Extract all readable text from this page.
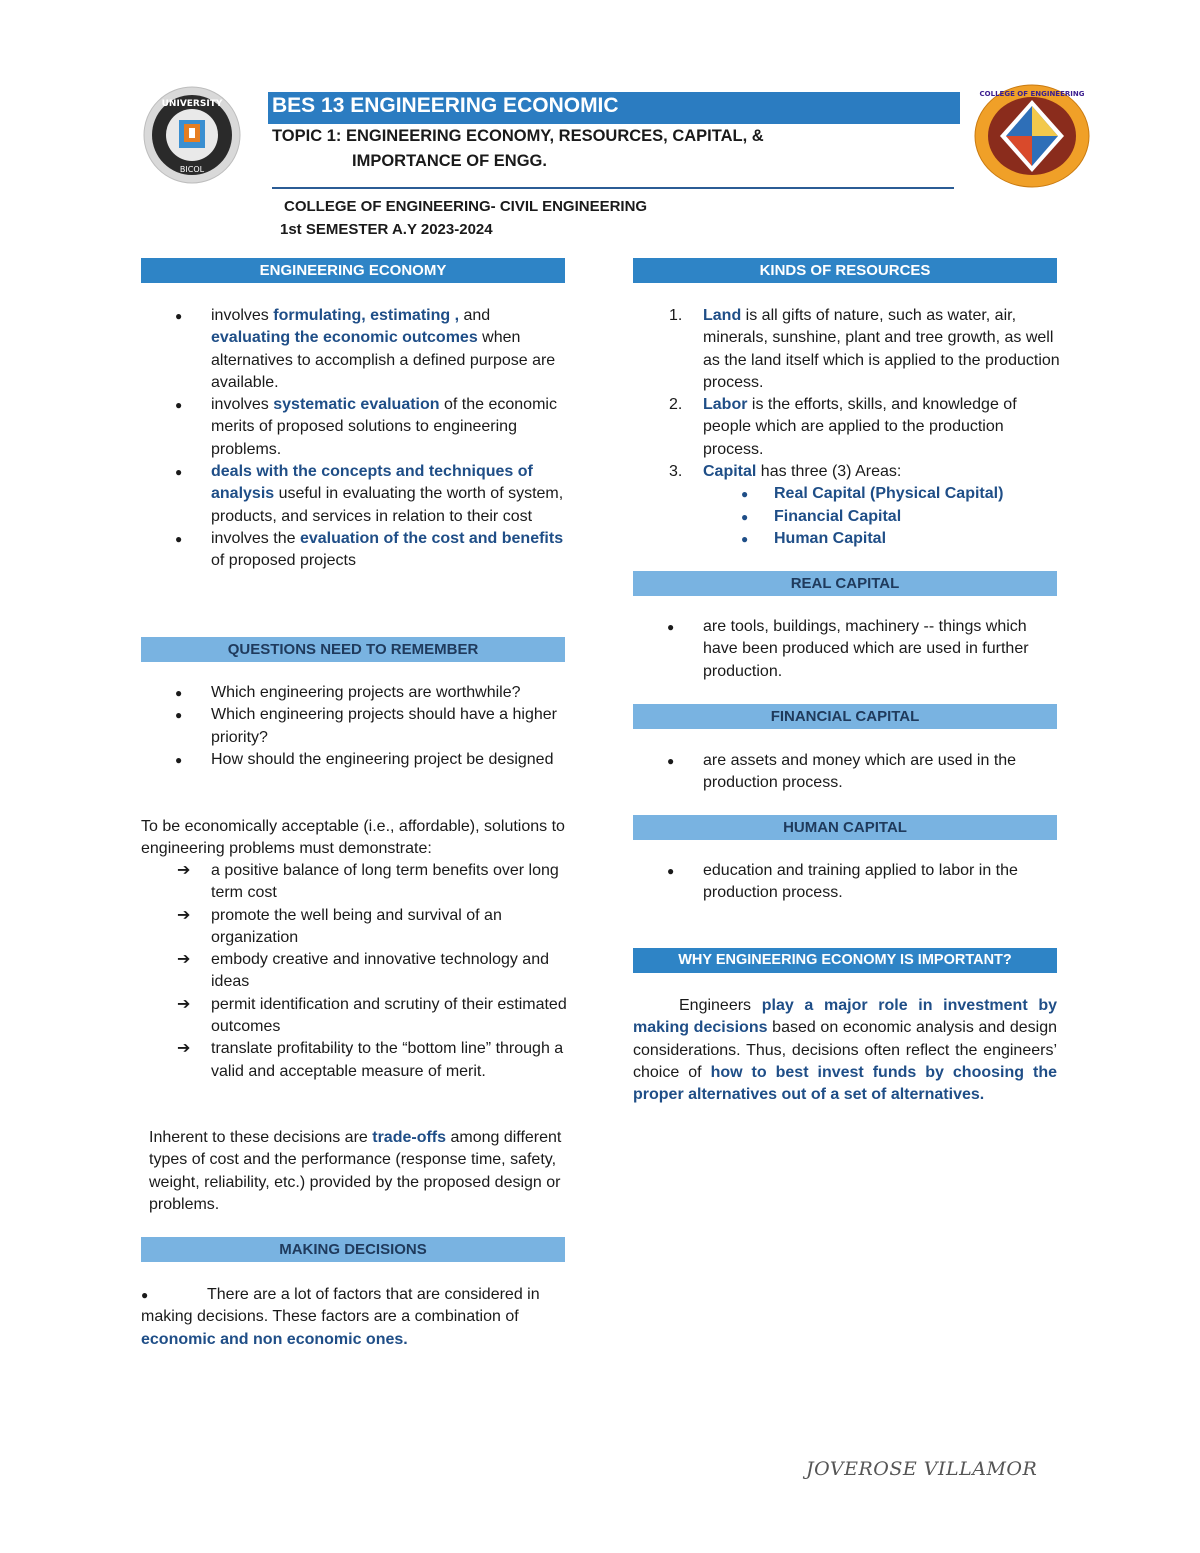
UNIVERSITY
BICOL
COLLEGE OF ENGINEERING
BES 13 ENGINEERING ECONOMIC
TOPIC 1: ENGINEERING ECONOMY, RESOURCES, CAPITAL, &
IMPORTANCE OF ENGG.
COLLEGE OF ENGINEERING- CIVIL ENGINEERING
1st SEMESTER A.Y 2023-2024
ENGINEERING ECONOMY
● involves formulating, estimating , and evaluating the economic outcomes when alternatives to accomplish a defined purpose are available.
● involves systematic evaluation of the economic merits of proposed solutions to engineering problems.
● deals with the concepts and techniques of analysis useful in evaluating the worth of system, products, and services in relation to their cost
● involves the evaluation of the cost and benefits of proposed projects
QUESTIONS NEED TO REMEMBER
● Which engineering projects are worthwhile?
● Which engineering projects should have a higher priority?
● How should the engineering project be designed
To be economically acceptable (i.e., affordable), solutions to engineering problems must demonstrate:
➔ a positive balance of long term benefits over long term cost
➔ promote the well being and survival of an organization
➔ embody creative and innovative technology and ideas
➔ permit identification and scrutiny of their estimated outcomes
➔ translate profitability to the “bottom line” through a valid and acceptable measure of merit.
Inherent to these decisions are trade-offs among different types of cost and the performance (response time, safety, weight, reliability, etc.) provided by the proposed design or problems.
MAKING DECISIONS
●	There are a lot of factors that are considered in making decisions. These factors are a combination of economic and non economic ones.
KINDS OF RESOURCES
1. Land is all gifts of nature, such as water, air, minerals, sunshine, plant and tree growth, as well as the land itself which is applied to the production process.
2. Labor is the efforts, skills, and knowledge of people which are applied to the production process.
3. Capital has three (3) Areas:
● Real Capital (Physical Capital)
● Financial Capital
● Human Capital
REAL CAPITAL
● are tools, buildings, machinery -- things which have been produced which are used in further production.
FINANCIAL CAPITAL
● are assets and money which are used in the production process.
HUMAN CAPITAL
● education and training applied to labor in the production process.
WHY ENGINEERING ECONOMY IS IMPORTANT?
Engineers play a major role in investment by making decisions based on economic analysis and design considerations. Thus, decisions often reflect the engineers’ choice of how to best invest funds by choosing the proper alternatives out of a set of alternatives.
JOVEROSE VILLAMOR
